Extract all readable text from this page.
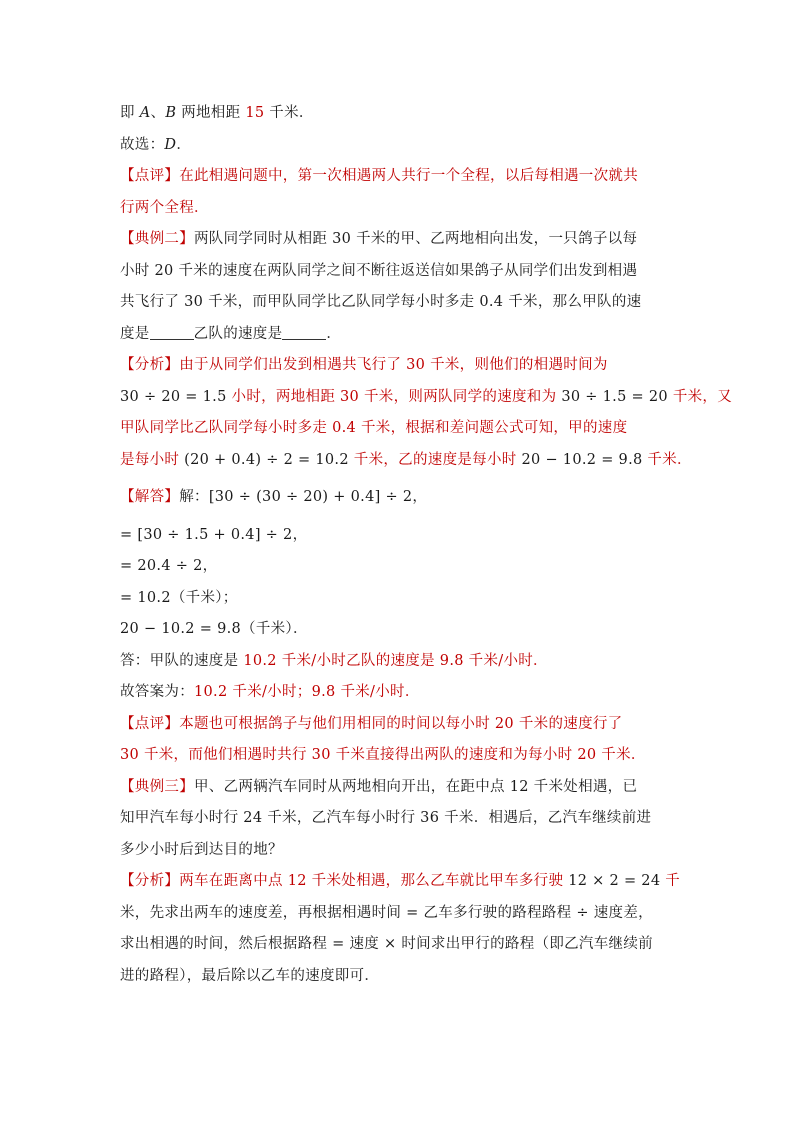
即 A、B 两地相距 15 千米．
故选：D．
【点评】在此相遇问题中，第一次相遇两人共行一个全程，以后每相遇一次就共
行两个全程．
【典例二】两队同学同时从相距 30 千米的甲、乙两地相向出发，一只鸽子以每
小时 20 千米的速度在两队同学之间不断往返送信如果鸽子从同学们出发到相遇
共飞行了 30 千米，而甲队同学比乙队同学每小时多走 0.4 千米，那么甲队的速
度是	乙队的速度是	．
【分析】由于从同学们出发到相遇共飞行了 30 千米，则他们的相遇时间为
30 ÷ 20 = 1.5 小时，两地相距 30 千米，则两队同学的速度和为 30 ÷ 1.5 = 20 千米，又
甲队同学比乙队同学每小时多走 0.4 千米，根据和差问题公式可知，甲的速度
是每小时 (20 + 0.4) ÷ 2 = 10.2 千米，乙的速度是每小时 20 − 10.2 = 9.8 千米．
【解答】解：[30 ÷ (30 ÷ 20) + 0.4] ÷ 2，
= [30 ÷ 1.5 + 0.4] ÷ 2，
= 20.4 ÷ 2，
= 10.2（千米）；
20 − 10.2 = 9.8（千米）．
答：甲队的速度是 10.2 千米/小时乙队的速度是 9.8 千米/小时．
故答案为：10.2 千米/小时；9.8 千米/小时．
【点评】本题也可根据鸽子与他们用相同的时间以每小时 20 千米的速度行了
30 千米，而他们相遇时共行 30 千米直接得出两队的速度和为每小时 20 千米．
【典例三】甲、乙两辆汽车同时从两地相向开出，在距中点 12 千米处相遇，已
知甲汽车每小时行 24 千米，乙汽车每小时行 36 千米．相遇后，乙汽车继续前进
多少小时后到达目的地？
【分析】两车在距离中点 12 千米处相遇，那么乙车就比甲车多行驶 12 × 2 = 24 千
米，先求出两车的速度差，再根据相遇时间 = 乙车多行驶的路程路程 ÷ 速度差，
求出相遇的时间，然后根据路程 = 速度 × 时间求出甲行的路程（即乙汽车继续前
进的路程），最后除以乙车的速度即可．
